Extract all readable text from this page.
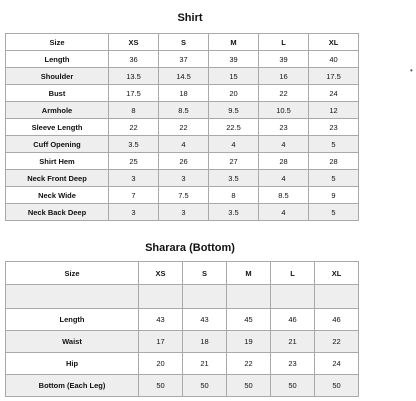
Shirt
Size	XS	S	M	L	XL
Length	36	37	39	39	40
Shoulder	13.5	14.5	15	16	17.5
Bust	17.5	18	20	22	24
Armhole	8	8.5	9.5	10.5	12
Sleeve Length	22	22	22.5	23	23
Cuff Opening	3.5	4	4	4	5
Shirt Hem	25	26	27	28	28
Neck Front Deep	3	3	3.5	4	5
Neck Wide	7	7.5	8	8.5	9
Neck Back Deep	3	3	3.5	4	5
Sharara (Bottom)
Size	XS	S	M	L	XL

Length	43	43	45	46	46
Waist	17	18	19	21	22
Hip	20	21	22	23	24
Bottom (Each Leg)	50	50	50	50	50
•
